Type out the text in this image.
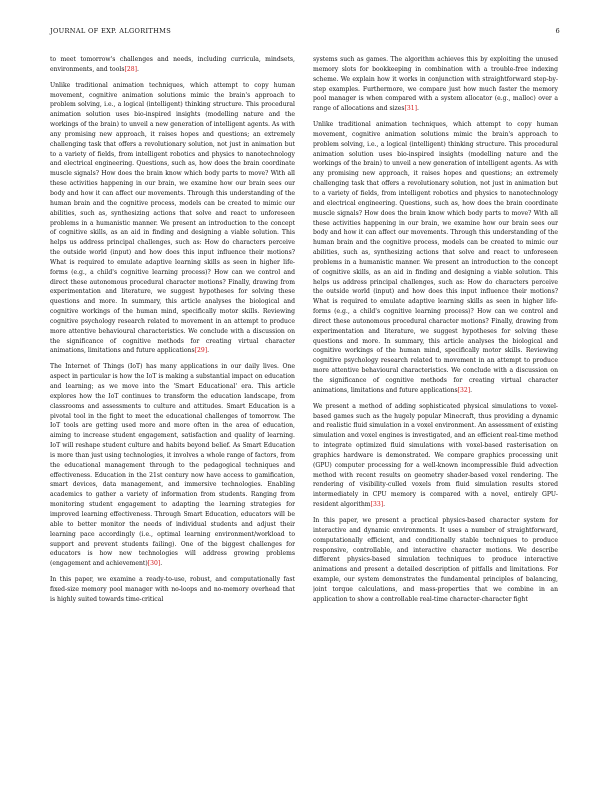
JOURNAL OF EXP. ALGORITHMS	6

to meet tomorrow's challenges and needs, including curricula, mindsets, environments, and tools[28].

Unlike traditional animation techniques, which attempt to copy human movement, cognitive animation solutions mimic the brain's approach to problem solving, i.e., a logical (intelligent) thinking structure. This procedural animation solution uses bio-inspired insights (modelling nature and the workings of the brain) to unveil a new generation of intelligent agents. As with any promising new approach, it raises hopes and questions; an extremely challenging task that offers a revolutionary solution, not just in animation but to a variety of fields, from intelligent robotics and physics to nanotechnology and electrical engineering. Questions, such as, how does the brain coordinate muscle signals? How does the brain know which body parts to move? With all these activities happening in our brain, we examine how our brain sees our body and how it can affect our movements. Through this understanding of the human brain and the cognitive process, models can be created to mimic our abilities, such as, synthesizing actions that solve and react to unforeseen problems in a humanistic manner. We present an introduction to the concept of cognitive skills, as an aid in finding and designing a viable solution. This helps us address principal challenges, such as: How do characters perceive the outside world (input) and how does this input influence their motions? What is required to emulate adaptive learning skills as seen in higher life-forms (e.g., a child's cognitive learning process)? How can we control and direct these autonomous procedural character motions? Finally, drawing from experimentation and literature, we suggest hypotheses for solving these questions and more. In summary, this article analyses the biological and cognitive workings of the human mind, specifically motor skills. Reviewing cognitive psychology research related to movement in an attempt to produce more attentive behavioural characteristics. We conclude with a discussion on the significance of cognitive methods for creating virtual character animations, limitations and future applications[29].

The Internet of Things (IoT) has many applications in our daily lives. One aspect in particular is how the IoT is making a substantial impact on education and learning; as we move into the 'Smart Educational' era. This article explores how the IoT continues to transform the education landscape, from classrooms and assessments to culture and attitudes. Smart Education is a pivotal tool in the fight to meet the educational challenges of tomorrow. The IoT tools are getting used more and more often in the area of education, aiming to increase student engagement, satisfaction and quality of learning. IoT will reshape student culture and habits beyond belief. As Smart Education is more than just using technologies, it involves a whole range of factors, from the educational management through to the pedagogical techniques and effectiveness. Education in the 21st century now have access to gamification, smart devices, data management, and immersive technologies. Enabling academics to gather a variety of information from students. Ranging from monitoring student engagement to adapting the learning strategies for improved learning effectiveness. Through Smart Education, educators will be able to better monitor the needs of individual students and adjust their learning pace accordingly (i.e., optimal learning environment/workload to support and prevent students failing). One of the biggest challenges for educators is how new technologies will address growing problems (engagement and achievement)[30].

In this paper, we examine a ready-to-use, robust, and computationally fast fixed-size memory pool manager with no-loops and no-memory overhead that is highly suited towards time-critical

systems such as games. The algorithm achieves this by exploiting the unused memory slots for bookkeeping in combination with a trouble-free indexing scheme. We explain how it works in conjunction with straightforward step-by-step examples. Furthermore, we compare just how much faster the memory pool manager is when compared with a system allocator (e.g., malloc) over a range of allocations and sizes[31].

Unlike traditional animation techniques, which attempt to copy human movement, cognitive animation solutions mimic the brain's approach to problem solving, i.e., a logical (intelligent) thinking structure. This procedural animation solution uses bio-inspired insights (modelling nature and the workings of the brain) to unveil a new generation of intelligent agents. As with any promising new approach, it raises hopes and questions; an extremely challenging task that offers a revolutionary solution, not just in animation but to a variety of fields, from intelligent robotics and physics to nanotechnology and electrical engineering. Questions, such as, how does the brain coordinate muscle signals? How does the brain know which body parts to move? With all these activities happening in our brain, we examine how our brain sees our body and how it can affect our movements. Through this understanding of the human brain and the cognitive process, models can be created to mimic our abilities, such as, synthesizing actions that solve and react to unforeseen problems in a humanistic manner. We present an introduction to the concept of cognitive skills, as an aid in finding and designing a viable solution. This helps us address principal challenges, such as: How do characters perceive the outside world (input) and how does this input influence their motions? What is required to emulate adaptive learning skills as seen in higher life-forms (e.g., a child's cognitive learning process)? How can we control and direct these autonomous procedural character motions? Finally, drawing from experimentation and literature, we suggest hypotheses for solving these questions and more. In summary, this article analyses the biological and cognitive workings of the human mind, specifically motor skills. Reviewing cognitive psychology research related to movement in an attempt to produce more attentive behavioural characteristics. We conclude with a discussion on the significance of cognitive methods for creating virtual character animations, limitations and future applications[32].

We present a method of adding sophisticated physical simulations to voxel-based games such as the hugely popular Minecraft, thus providing a dynamic and realistic fluid simulation in a voxel environment. An assessment of existing simulation and voxel engines is investigated, and an efficient real-time method to integrate optimized fluid simulations with voxel-based rasterisation on graphics hardware is demonstrated. We compare graphics processing unit (GPU) computer processing for a well-known incompressible fluid advection method with recent results on geometry shader-based voxel rendering. The rendering of visibility-culled voxels from fluid simulation results stored intermediately in CPU memory is compared with a novel, entirely GPU-resident algorithm[33].

In this paper, we present a practical physics-based character system for interactive and dynamic environments. It uses a number of straightforward, computationally efficient, and conditionally stable techniques to produce responsive, controllable, and interactive character motions. We describe different physics-based simulation techniques to produce interactive animations and present a detailed description of pitfalls and limitations. For example, our system demonstrates the fundamental principles of balancing, joint torque calculations, and mass-properties that we combine in an application to show a controllable real-time character-character fight
